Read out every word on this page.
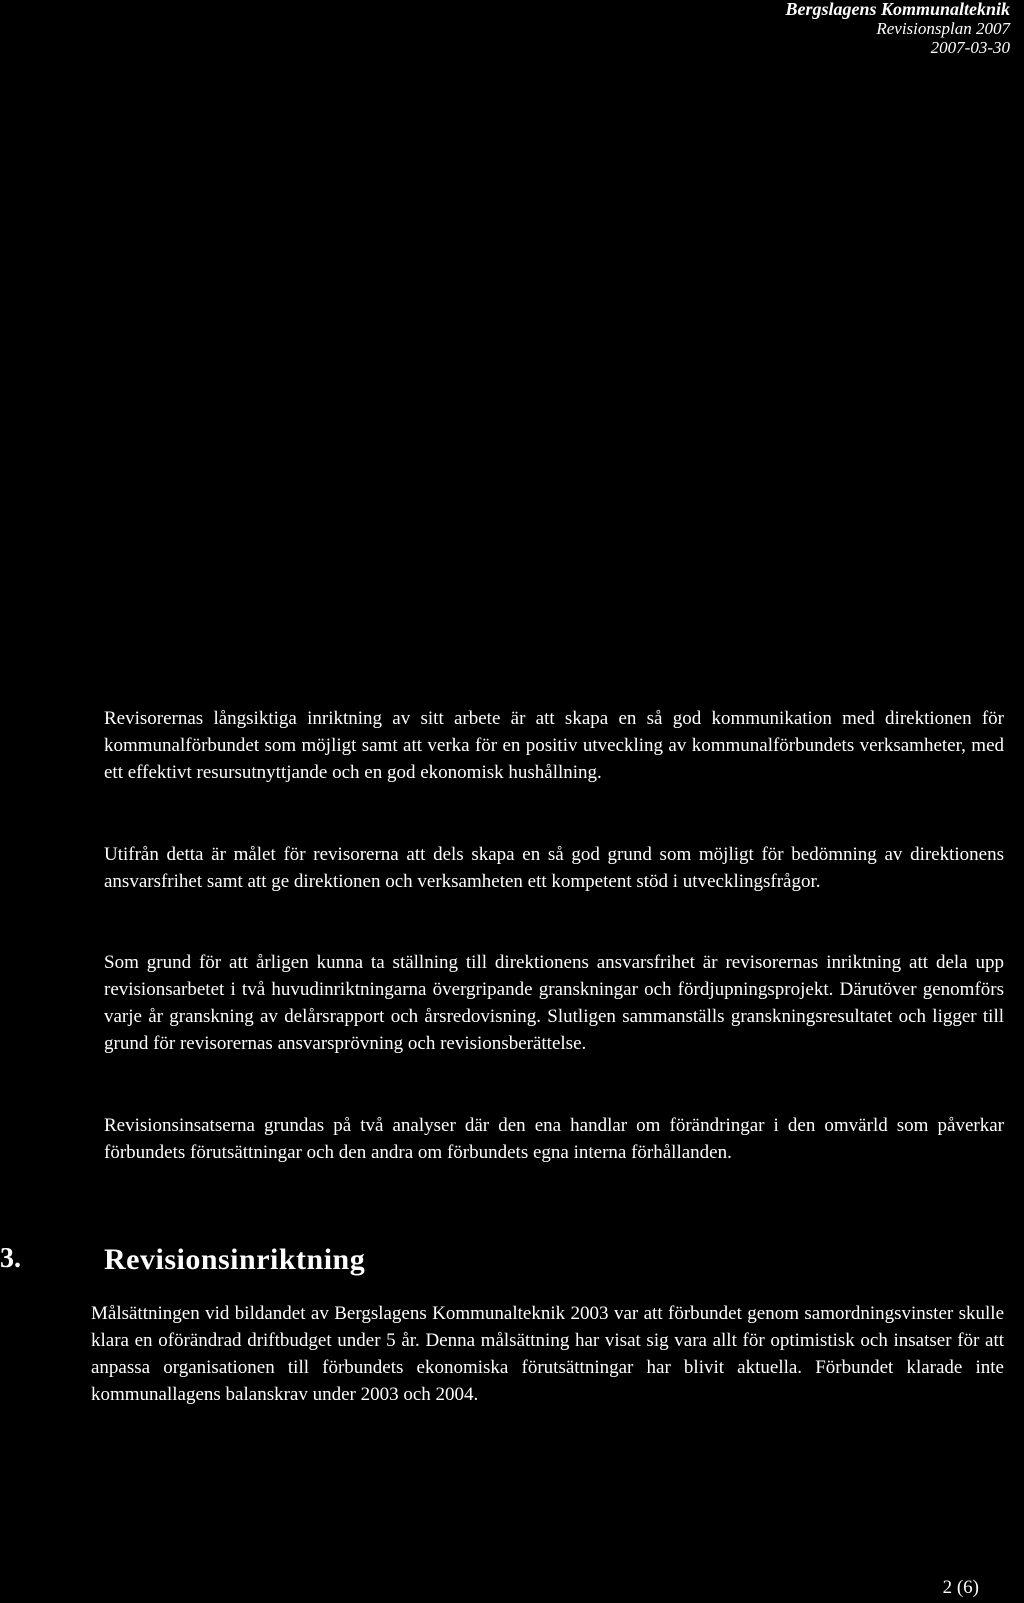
Bergslagens Kommunalteknik
Revisionsplan 2007
2007-03-30

Revisorernas långsiktiga inriktning av sitt arbete är att skapa en så god kommunikation med direktionen för kommunalförbundet som möjligt samt att verka för en positiv utveckling av kommunalförbundets verksamheter, med ett effektivt resursutnyttjande och en god ekonomisk hushållning.

Utifrån detta är målet för revisorerna att dels skapa en så god grund som möjligt för bedömning av direktionens ansvarsfrihet samt att ge direktionen och verksamheten ett kompetent stöd i utvecklingsfrågor.

Som grund för att årligen kunna ta ställning till direktionens ansvarsfrihet är revisorernas inriktning att dela upp revisionsarbetet i två huvudinriktningarna övergripande granskningar och fördjupningsprojekt. Därutöver genomförs varje år granskning av delårsrapport och årsredovisning. Slutligen sammanställs granskningsresultatet och ligger till grund för revisorernas ansvarsprövning och revisionsberättelse.

Revisionsinsatserna grundas på två analyser där den ena handlar om förändringar i den omvärld som påverkar förbundets förutsättningar och den andra om förbundets egna interna förhållanden.

3.	Revisionsinriktning

Målsättningen vid bildandet av Bergslagens Kommunalteknik 2003 var att förbundet genom samordningsvinster skulle klara en oförändrad driftbudget under 5 år. Denna målsättning har visat sig vara allt för optimistisk och insatser för att anpassa organisationen till förbundets ekonomiska förutsättningar har blivit aktuella. Förbundet klarade inte kommunallagens balanskrav under 2003 och 2004.

2 (6)
